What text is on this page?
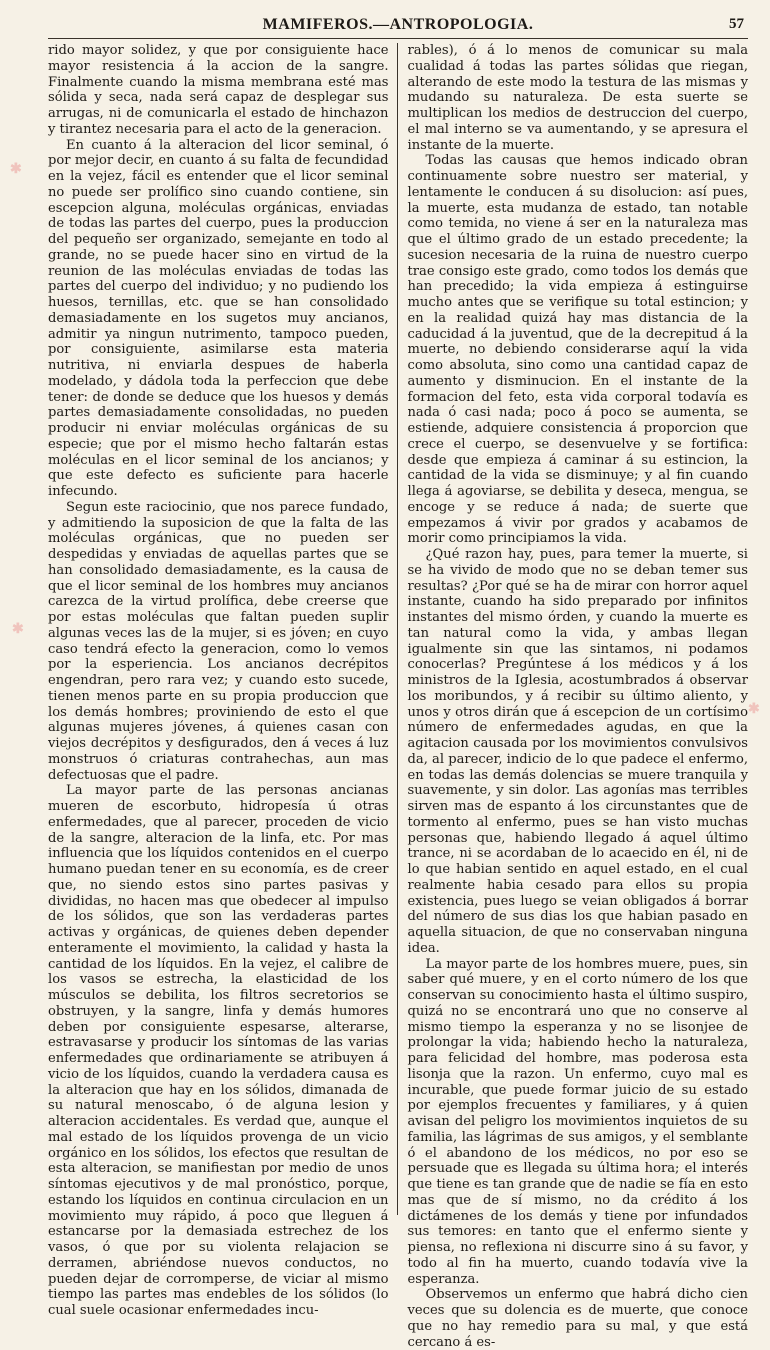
MAMIFEROS.—ANTROPOLOGIA.	57

rido mayor solidez, y que por consiguiente hace mayor resistencia á la accion de la sangre. Finalmente cuando la misma membrana esté mas sólida y seca, nada será capaz de desplegar sus arrugas, ni de comunicarla el estado de hinchazon y tirantez necesaria para el acto de la generacion.

En cuanto á la alteracion del licor seminal, ó por mejor decir, en cuanto á su falta de fecundidad en la vejez, fácil es entender que el licor seminal no puede ser prolífico sino cuando contiene, sin escepcion alguna, moléculas orgánicas, enviadas de todas las partes del cuerpo, pues la produccion del pequeño ser organizado, semejante en todo al grande, no se puede hacer sino en virtud de la reunion de las moléculas enviadas de todas las partes del cuerpo del individuo; y no pudiendo los huesos, ternillas, etc. que se han consolidado demasiadamente en los sugetos muy ancianos, admitir ya ningun nutrimento, tampoco pueden, por consiguiente, asimilarse esta materia nutritiva, ni enviarla despues de haberla modelado, y dádola toda la perfeccion que debe tener: de donde se deduce que los huesos y demás partes demasiadamente consolidadas, no pueden producir ni enviar moléculas orgánicas de su especie; que por el mismo hecho faltarán estas moléculas en el licor seminal de los ancianos; y que este defecto es suficiente para hacerle infecundo.

Segun este raciocinio, que nos parece fundado, y admitiendo la suposicion de que la falta de las moléculas orgánicas, que no pueden ser despedidas y enviadas de aquellas partes que se han consolidado demasiadamente, es la causa de que el licor seminal de los hombres muy ancianos carezca de la virtud prolífica, debe creerse que por estas moléculas que faltan pueden suplir algunas veces las de la mujer, si es jóven; en cuyo caso tendrá efecto la generacion, como lo vemos por la esperiencia. Los ancianos decrépitos engendran, pero rara vez; y cuando esto sucede, tienen menos parte en su propia produccion que los demás hombres; proviniendo de esto el que algunas mujeres jóvenes, á quienes casan con viejos decrépitos y desfigurados, den á veces á luz monstruos ó criaturas contrahechas, aun mas defectuosas que el padre.

La mayor parte de las personas ancianas mueren de escorbuto, hidropesía ú otras enfermedades, que al parecer, proceden de vicio de la sangre, alteracion de la linfa, etc. Por mas influencia que los líquidos contenidos en el cuerpo humano puedan tener en su economía, es de creer que, no siendo estos sino partes pasivas y divididas, no hacen mas que obedecer al impulso de los sólidos, que son las verdaderas partes activas y orgánicas, de quienes deben depender enteramente el movimiento, la calidad y hasta la cantidad de los líquidos. En la vejez, el calibre de los vasos se estrecha, la elasticidad de los músculos se debilita, los filtros secretorios se obstruyen, y la sangre, linfa y demás humores deben por consiguiente espesarse, alterarse, estravasarse y producir los síntomas de las varias enfermedades que ordinariamente se atribuyen á vicio de los líquidos, cuando la verdadera causa es la alteracion que hay en los sólidos, dimanada de su natural menoscabo, ó de alguna lesion y alteracion accidentales. Es verdad que, aunque el mal estado de los líquidos provenga de un vicio orgánico en los sólidos, los efectos que resultan de esta alteracion, se manifiestan por medio de unos síntomas ejecutivos y de mal pronóstico, porque, estando los líquidos en continua circulacion en un movimiento muy rápido, á poco que lleguen á estancarse por la demasiada estrechez de los vasos, ó que por su violenta relajacion se derramen, abriéndose nuevos conductos, no pueden dejar de corromperse, de viciar al mismo tiempo las partes mas endebles de los sólidos (lo cual suele ocasionar enfermedades incu-

rables), ó á lo menos de comunicar su mala cualidad á todas las partes sólidas que riegan, alterando de este modo la testura de las mismas y mudando su naturaleza. De esta suerte se multiplican los medios de destruccion del cuerpo, el mal interno se va aumentando, y se apresura el instante de la muerte.

Todas las causas que hemos indicado obran continuamente sobre nuestro ser material, y lentamente le conducen á su disolucion: así pues, la muerte, esta mudanza de estado, tan notable como temida, no viene á ser en la naturaleza mas que el último grado de un estado precedente; la sucesion necesaria de la ruina de nuestro cuerpo trae consigo este grado, como todos los demás que han precedido; la vida empieza á estinguirse mucho antes que se verifique su total estincion; y en la realidad quizá hay mas distancia de la caducidad á la juventud, que de la decrepitud á la muerte, no debiendo considerarse aquí la vida como absoluta, sino como una cantidad capaz de aumento y disminucion. En el instante de la formacion del feto, esta vida corporal todavía es nada ó casi nada; poco á poco se aumenta, se estiende, adquiere consistencia á proporcion que crece el cuerpo, se desenvuelve y se fortifica: desde que empieza á caminar á su estincion, la cantidad de la vida se disminuye; y al fin cuando llega á agoviarse, se debilita y deseca, mengua, se encoge y se reduce á nada; de suerte que empezamos á vivir por grados y acabamos de morir como principiamos la vida.

¿Qué razon hay, pues, para temer la muerte, si se ha vivido de modo que no se deban temer sus resultas? ¿Por qué se ha de mirar con horror aquel instante, cuando ha sido preparado por infinitos instantes del mismo órden, y cuando la muerte es tan natural como la vida, y ambas llegan igualmente sin que las sintamos, ni podamos conocerlas? Pregúntese á los médicos y á los ministros de la Iglesia, acostumbrados á observar los moribundos, y á recibir su último aliento, y unos y otros dirán que á escepcion de un cortísimo número de enfermedades agudas, en que la agitacion causada por los movimientos convulsivos da, al parecer, indicio de lo que padece el enfermo, en todas las demás dolencias se muere tranquila y suavemente, y sin dolor. Las agonías mas terribles sirven mas de espanto á los circunstantes que de tormento al enfermo, pues se han visto muchas personas que, habiendo llegado á aquel último trance, ni se acordaban de lo acaecido en él, ni de lo que habian sentido en aquel estado, en el cual realmente habia cesado para ellos su propia existencia, pues luego se veian obligados á borrar del número de sus dias los que habian pasado en aquella situacion, de que no conservaban ninguna idea.

La mayor parte de los hombres muere, pues, sin saber qué muere, y en el corto número de los que conservan su conocimiento hasta el último suspiro, quizá no se encontrará uno que no conserve al mismo tiempo la esperanza y no se lisonjee de prolongar la vida; habiendo hecho la naturaleza, para felicidad del hombre, mas poderosa esta lisonja que la razon. Un enfermo, cuyo mal es incurable, que puede formar juicio de su estado por ejemplos frecuentes y familiares, y á quien avisan del peligro los movimientos inquietos de su familia, las lágrimas de sus amigos, y el semblante ó el abandono de los médicos, no por eso se persuade que es llegada su última hora; el interés que tiene es tan grande que de nadie se fía en esto mas que de sí mismo, no da crédito á los dictámenes de los demás y tiene por infundados sus temores: en tanto que el enfermo siente y piensa, no reflexiona ni discurre sino á su favor, y todo al fin ha muerto, cuando todavía vive la esperanza.

Observemos un enfermo que habrá dicho cien veces que su dolencia es de muerte, que conoce que no hay remedio para su mal, y que está cercano á es-

✱
✱
✱
